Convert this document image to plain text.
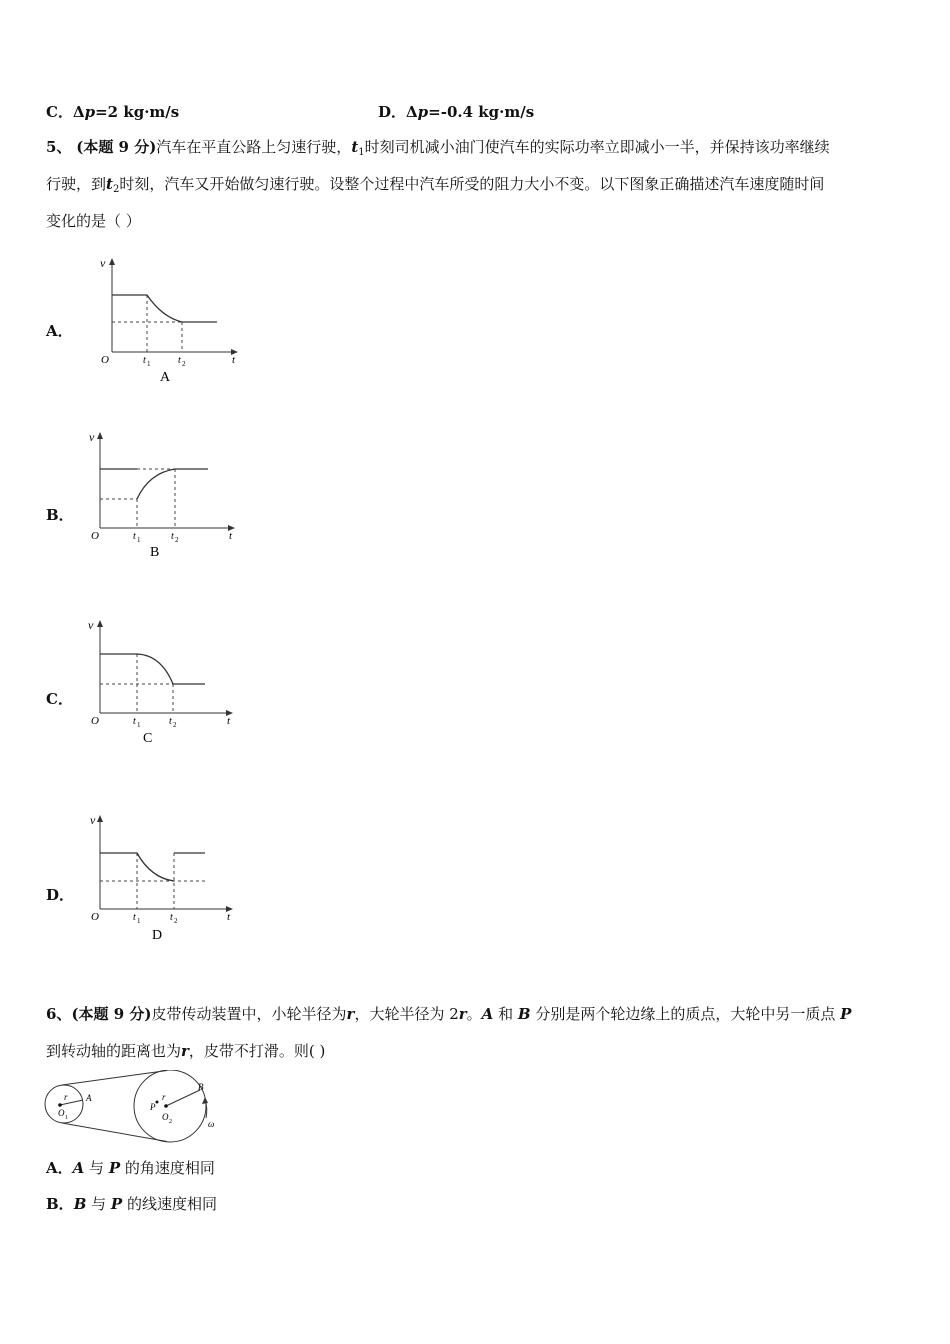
C．Δp=2 kg·m/s	D．Δp=-0.4 kg·m/s
5、 (本题 9 分)汽车在平直公路上匀速行驶，$t_1$时刻司机减小油门使汽车的实际功率立即减小一半，并保持该功率继续
行驶，到$t_2$时刻，汽车又开始做匀速行驶。设整个过程中汽车所受的阻力大小不变。以下图象正确描述汽车速度随时间
变化的是（ ）
A．
B．
C．
D．
v
O	t
t 1	t 2
A
v
O	t
t 1	t 2
B
v
O	t
t 1	t 2
C
v
O	t
t 1	t 2
D
6、(本题 9 分)皮带传动装置中，小轮半径为r，大轮半径为 2r。A 和 B 分别是两个轮边缘上的质点，大轮中另一质点 P
到转动轴的距离也为r，皮带不打滑。则( )
r A
O 1
P
r
O 2
B
ω
A．A 与 P 的角速度相同
B．B 与 P 的线速度相同
